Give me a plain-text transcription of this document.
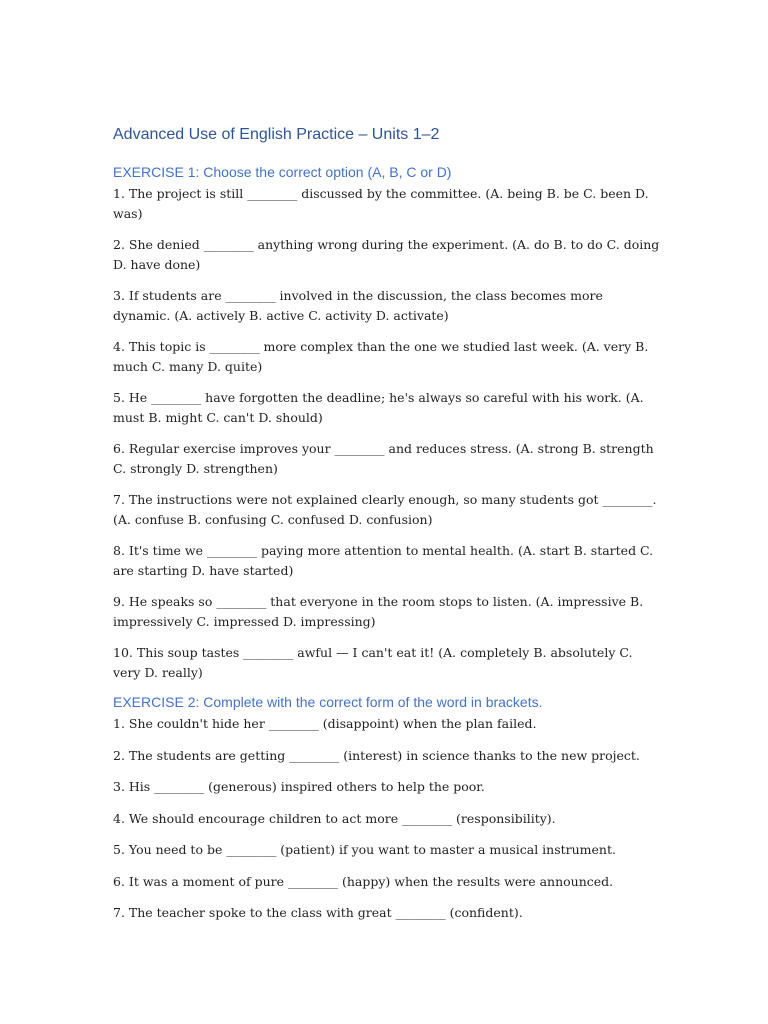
Advanced Use of English Practice – Units 1–2
EXERCISE 1: Choose the correct option (A, B, C or D)

1. The project is still ________ discussed by the committee. (A. being B. be C. been D. was)

2. She denied ________ anything wrong during the experiment. (A. do B. to do C. doing D. have done)

3. If students are ________ involved in the discussion, the class becomes more dynamic. (A. actively B. active C. activity D. activate)

4. This topic is ________ more complex than the one we studied last week. (A. very B. much C. many D. quite)

5. He ________ have forgotten the deadline; he's always so careful with his work. (A. must B. might C. can't D. should)

6. Regular exercise improves your ________ and reduces stress. (A. strong B. strength C. strongly D. strengthen)

7. The instructions were not explained clearly enough, so many students got ________. (A. confuse B. confusing C. confused D. confusion)

8. It's time we ________ paying more attention to mental health. (A. start B. started C. are starting D. have started)

9. He speaks so ________ that everyone in the room stops to listen. (A. impressive B. impressively C. impressed D. impressing)

10. This soup tastes ________ awful — I can't eat it! (A. completely B. absolutely C. very D. really)

EXERCISE 2: Complete with the correct form of the word in brackets.

1. She couldn't hide her ________ (disappoint) when the plan failed.

2. The students are getting ________ (interest) in science thanks to the new project.

3. His ________ (generous) inspired others to help the poor.

4. We should encourage children to act more ________ (responsibility).

5. You need to be ________ (patient) if you want to master a musical instrument.

6. It was a moment of pure ________ (happy) when the results were announced.

7. The teacher spoke to the class with great ________ (confident).
